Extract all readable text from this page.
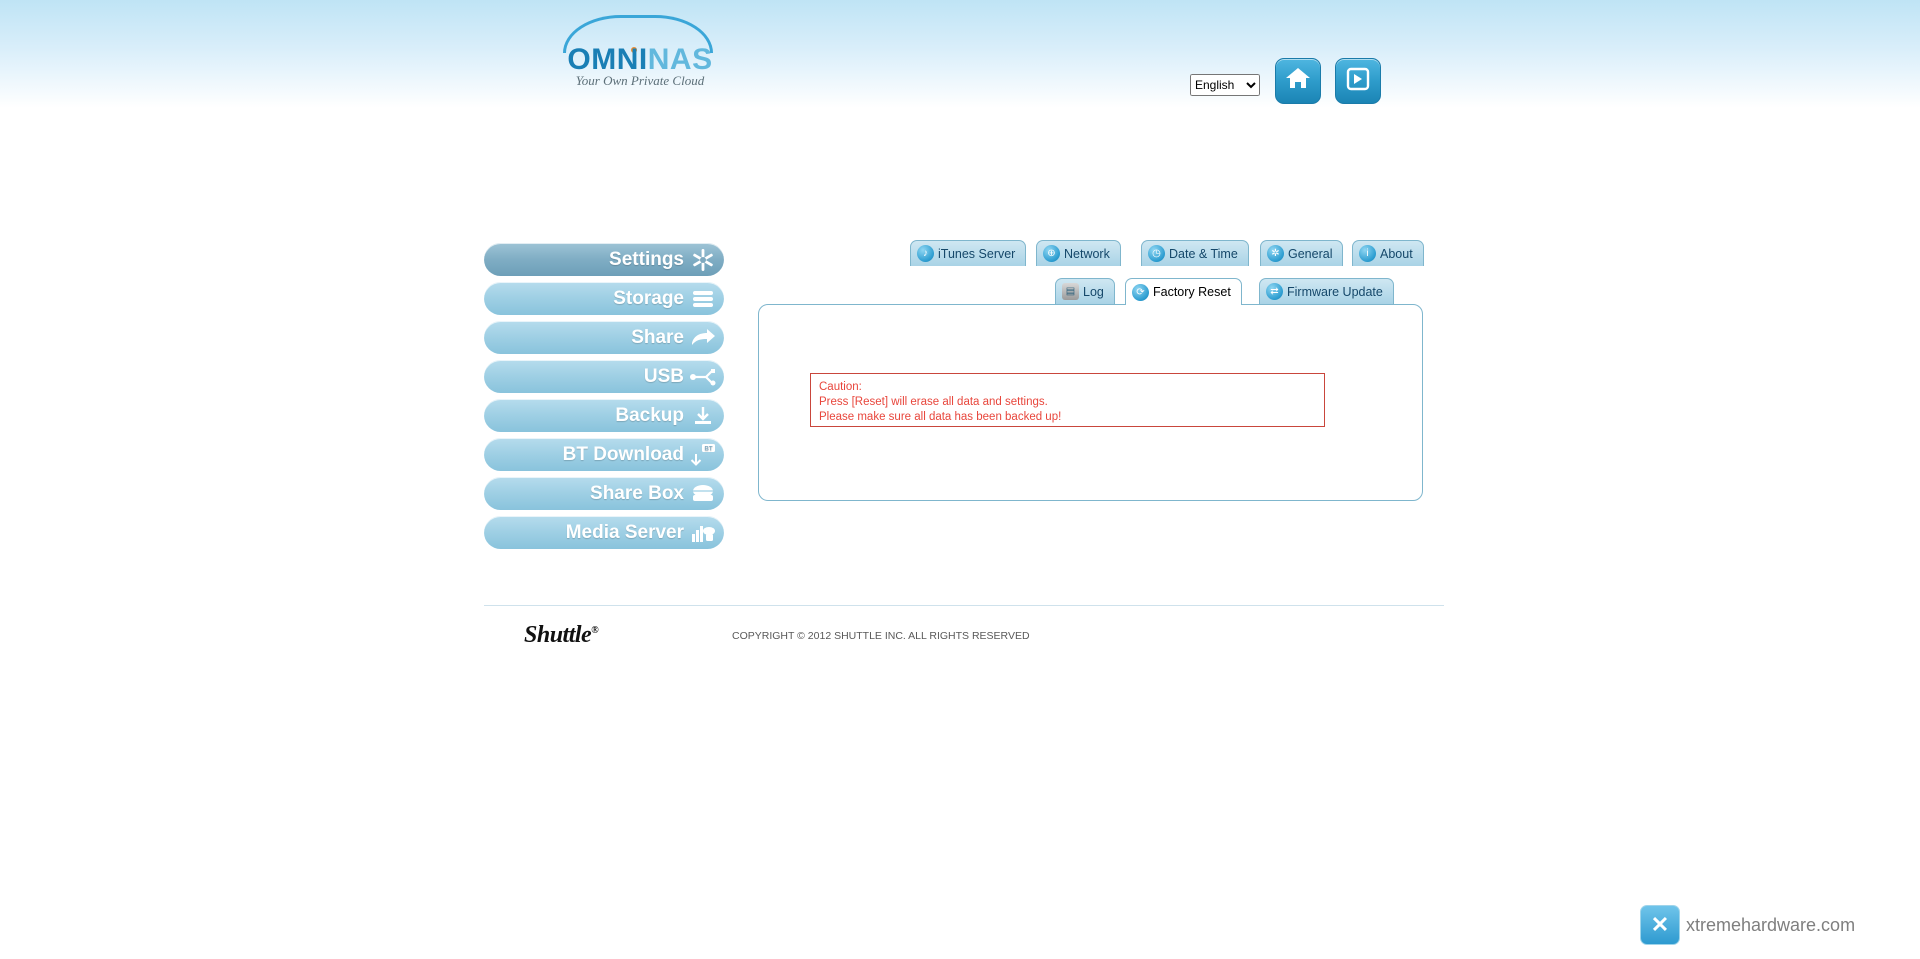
OMNINAS
Your Own Private Cloud
English
Settings
Storage
Share
USB
Backup
BT Download	BT
Share Box
Media Server
♪ iTunes Server	⊕ Network	◷ Date & Time	✲ General	i About
▤ Log	⟳ Factory Reset	⇄ Firmware Update
Caution:
Press [Reset] will erase all data and settings.
Please make sure all data has been backed up!
Shuttle®	COPYRIGHT © 2012 SHUTTLE INC. ALL RIGHTS RESERVED
✕ xtremehardware.com
